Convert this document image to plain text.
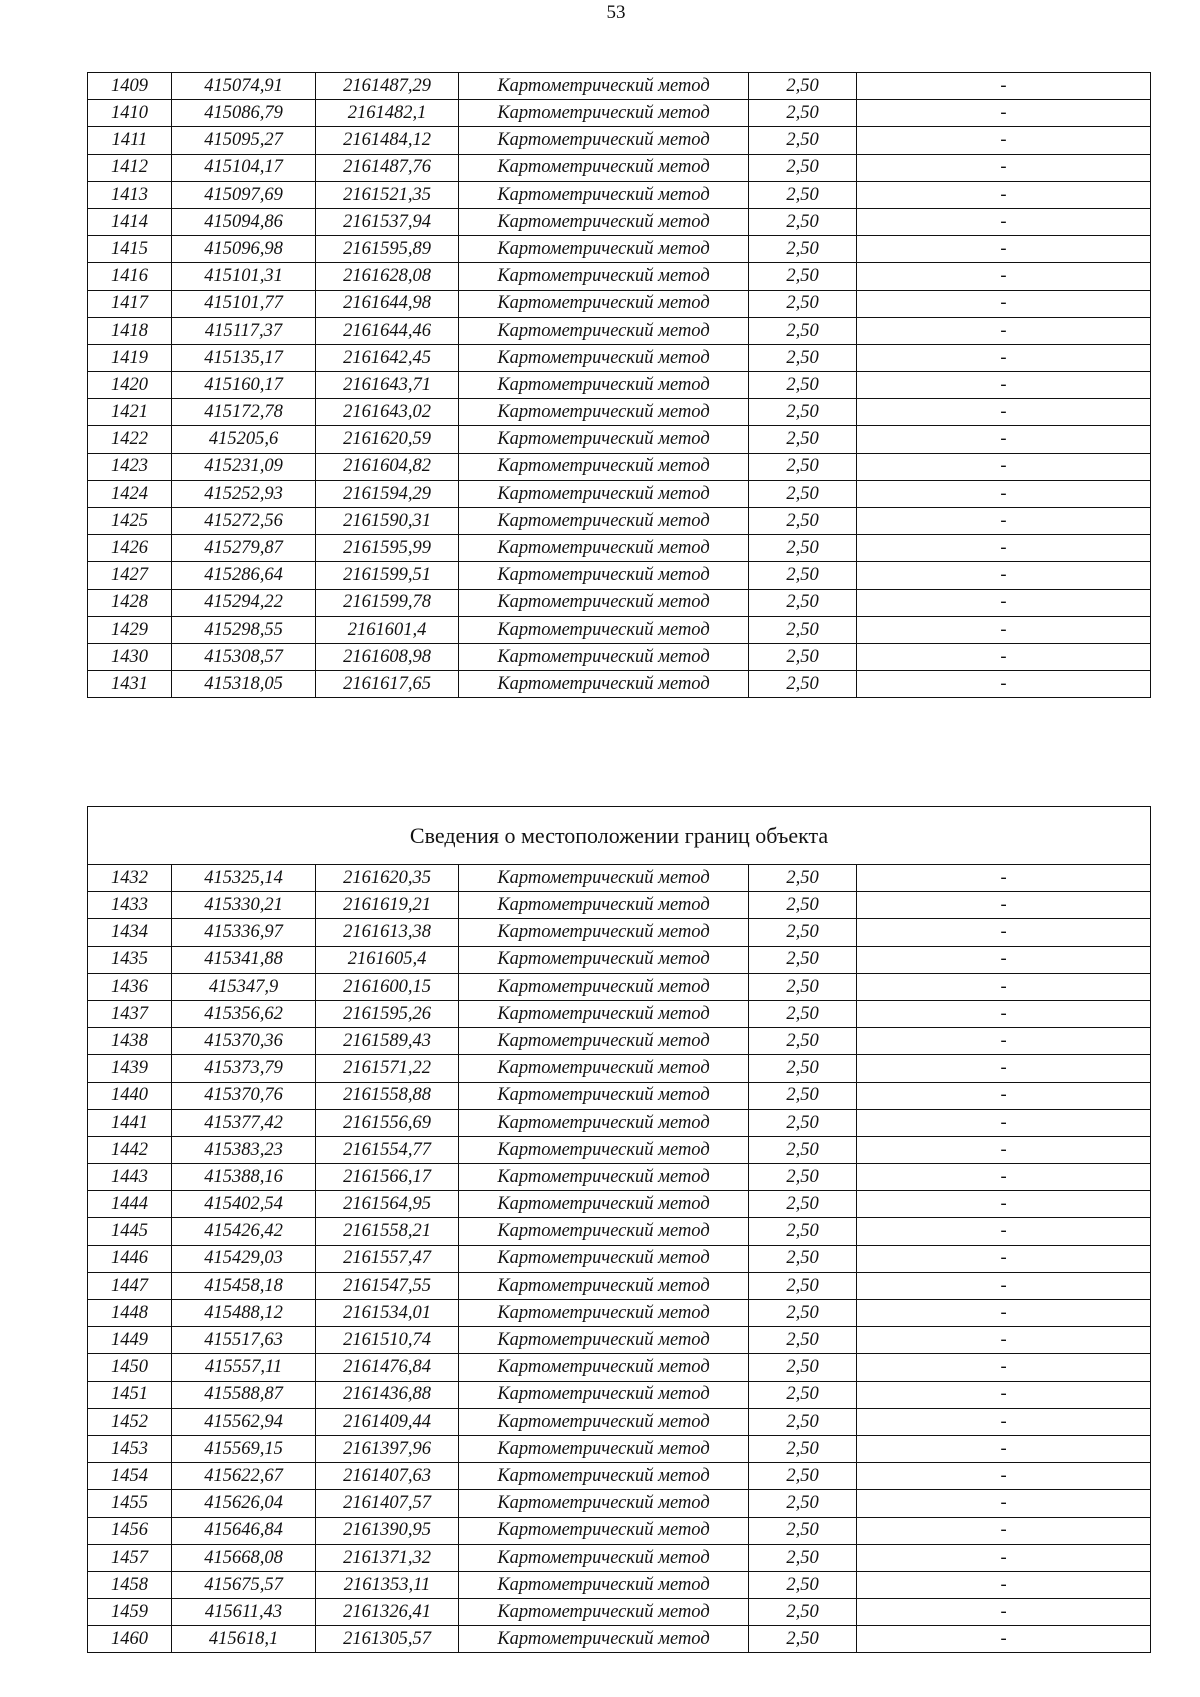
53
1409	415074,91	2161487,29	Картометрический метод	2,50	-
1410	415086,79	2161482,1	Картометрический метод	2,50	-
1411	415095,27	2161484,12	Картометрический метод	2,50	-
1412	415104,17	2161487,76	Картометрический метод	2,50	-
1413	415097,69	2161521,35	Картометрический метод	2,50	-
1414	415094,86	2161537,94	Картометрический метод	2,50	-
1415	415096,98	2161595,89	Картометрический метод	2,50	-
1416	415101,31	2161628,08	Картометрический метод	2,50	-
1417	415101,77	2161644,98	Картометрический метод	2,50	-
1418	415117,37	2161644,46	Картометрический метод	2,50	-
1419	415135,17	2161642,45	Картометрический метод	2,50	-
1420	415160,17	2161643,71	Картометрический метод	2,50	-
1421	415172,78	2161643,02	Картометрический метод	2,50	-
1422	415205,6	2161620,59	Картометрический метод	2,50	-
1423	415231,09	2161604,82	Картометрический метод	2,50	-
1424	415252,93	2161594,29	Картометрический метод	2,50	-
1425	415272,56	2161590,31	Картометрический метод	2,50	-
1426	415279,87	2161595,99	Картометрический метод	2,50	-
1427	415286,64	2161599,51	Картометрический метод	2,50	-
1428	415294,22	2161599,78	Картометрический метод	2,50	-
1429	415298,55	2161601,4	Картометрический метод	2,50	-
1430	415308,57	2161608,98	Картометрический метод	2,50	-
1431	415318,05	2161617,65	Картометрический метод	2,50	-
Сведения о местоположении границ объекта					
1432	415325,14	2161620,35	Картометрический метод	2,50	-
1433	415330,21	2161619,21	Картометрический метод	2,50	-
1434	415336,97	2161613,38	Картометрический метод	2,50	-
1435	415341,88	2161605,4	Картометрический метод	2,50	-
1436	415347,9	2161600,15	Картометрический метод	2,50	-
1437	415356,62	2161595,26	Картометрический метод	2,50	-
1438	415370,36	2161589,43	Картометрический метод	2,50	-
1439	415373,79	2161571,22	Картометрический метод	2,50	-
1440	415370,76	2161558,88	Картометрический метод	2,50	-
1441	415377,42	2161556,69	Картометрический метод	2,50	-
1442	415383,23	2161554,77	Картометрический метод	2,50	-
1443	415388,16	2161566,17	Картометрический метод	2,50	-
1444	415402,54	2161564,95	Картометрический метод	2,50	-
1445	415426,42	2161558,21	Картометрический метод	2,50	-
1446	415429,03	2161557,47	Картометрический метод	2,50	-
1447	415458,18	2161547,55	Картометрический метод	2,50	-
1448	415488,12	2161534,01	Картометрический метод	2,50	-
1449	415517,63	2161510,74	Картометрический метод	2,50	-
1450	415557,11	2161476,84	Картометрический метод	2,50	-
1451	415588,87	2161436,88	Картометрический метод	2,50	-
1452	415562,94	2161409,44	Картометрический метод	2,50	-
1453	415569,15	2161397,96	Картометрический метод	2,50	-
1454	415622,67	2161407,63	Картометрический метод	2,50	-
1455	415626,04	2161407,57	Картометрический метод	2,50	-
1456	415646,84	2161390,95	Картометрический метод	2,50	-
1457	415668,08	2161371,32	Картометрический метод	2,50	-
1458	415675,57	2161353,11	Картометрический метод	2,50	-
1459	415611,43	2161326,41	Картометрический метод	2,50	-
1460	415618,1	2161305,57	Картометрический метод	2,50	-
